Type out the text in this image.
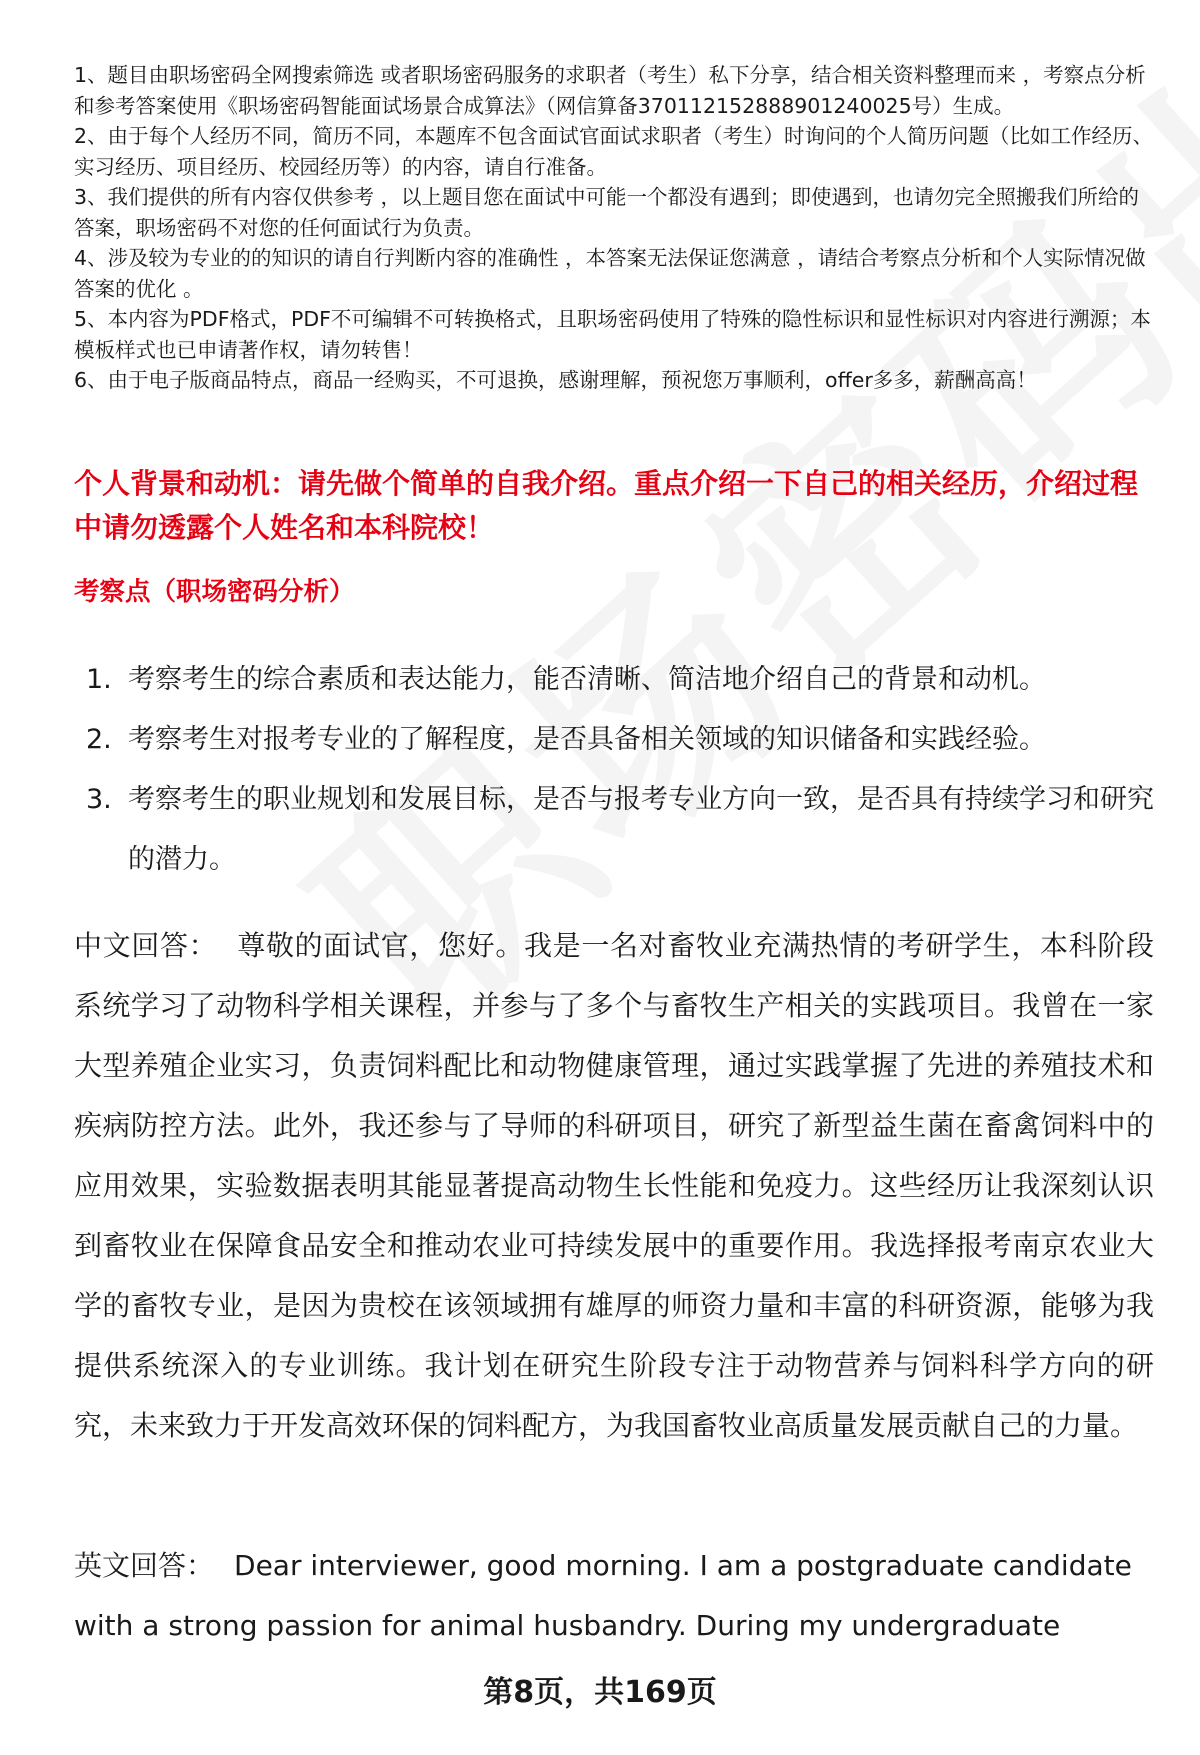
1、题目由职场密码全网搜索筛选 或者职场密码服务的求职者（考生）私下分享，结合相关资料整理而来 ，考察点分析和参考答案使用《职场密码智能面试场景合成算法》（网信算备370112152888901240025号）生成。

2、由于每个人经历不同，简历不同，本题库不包含面试官面试求职者（考生）时询问的个人简历问题（比如工作经历、实习经历、项目经历、校园经历等）的内容，请自行准备。

3、我们提供的所有内容仅供参考 ，以上题目您在面试中可能一个都没有遇到；即使遇到，也请勿完全照搬我们所给的答案，职场密码不对您的任何面试行为负责。

4、涉及较为专业的的知识的请自行判断内容的准确性 ，本答案无法保证您满意 ，请结合考察点分析和个人实际情况做答案的优化 。

5、本内容为PDF格式，PDF不可编辑不可转换格式，且职场密码使用了特殊的隐性标识和显性标识对内容进行溯源；本模板样式也已申请著作权，请勿转售！

6、由于电子版商品特点，商品一经购买，不可退换，感谢理解，预祝您万事顺利，offer多多，薪酬高高！

个人背景和动机：请先做个简单的自我介绍。重点介绍一下自己的相关经历，介绍过程中请勿透露个人姓名和本科院校！
考察点（职场密码分析）
1. 考察考生的综合素质和表达能力，能否清晰、简洁地介绍自己的背景和动机。
2. 考察考生对报考专业的了解程度，是否具备相关领域的知识储备和实践经验。
3. 考察考生的职业规划和发展目标，是否与报考专业方向一致，是否具有持续学习和研究的潜力。

中文回答： 尊敬的面试官，您好。我是一名对畜牧业充满热情的考研学生，本科阶段系统学习了动物科学相关课程，并参与了多个与畜牧生产相关的实践项目。我曾在一家大型养殖企业实习，负责饲料配比和动物健康管理，通过实践掌握了先进的养殖技术和疾病防控方法。此外，我还参与了导师的科研项目，研究了新型益生菌在畜禽饲料中的应用效果，实验数据表明其能显著提高动物生长性能和免疫力。这些经历让我深刻认识到畜牧业在保障食品安全和推动农业可持续发展中的重要作用。我选择报考南京农业大学的畜牧专业，是因为贵校在该领域拥有雄厚的师资力量和丰富的科研资源，能够为我提供系统深入的专业训练。我计划在研究生阶段专注于动物营养与饲料科学方向的研究，未来致力于开发高效环保的饲料配方，为我国畜牧业高质量发展贡献自己的力量。

英文回答： Dear interviewer, good morning. I am a postgraduate candidate with a strong passion for animal husbandry. During my undergraduate

第8页，共169页
